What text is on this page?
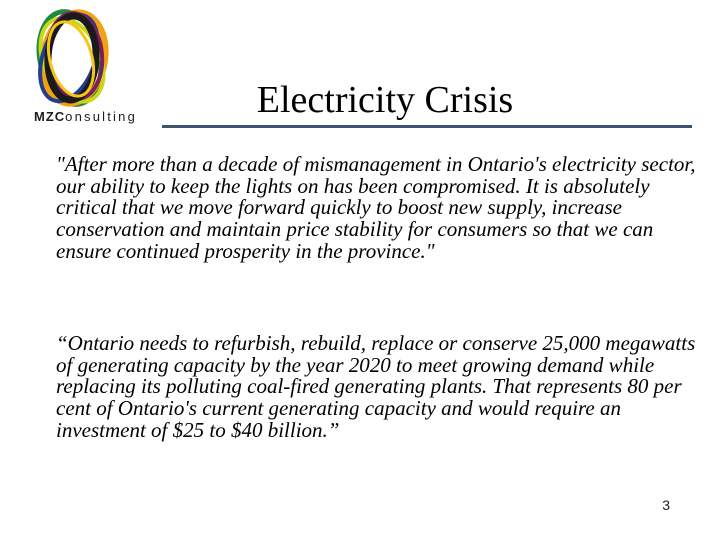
MZConsulting	Electricity Crisis
"After more than a decade of mismanagement in Ontario's electricity sector, our ability to keep the lights on has been compromised. It is absolutely critical that we move forward quickly to boost new supply, increase conservation and maintain price stability for consumers so that we can ensure continued prosperity in the province."
“Ontario needs to refurbish, rebuild, replace or conserve 25,000 megawatts of generating capacity by the year 2020 to meet growing demand while replacing its polluting coal-fired generating plants. That represents 80 per cent of Ontario's current generating capacity and would require an investment of $25 to $40 billion.”
3
